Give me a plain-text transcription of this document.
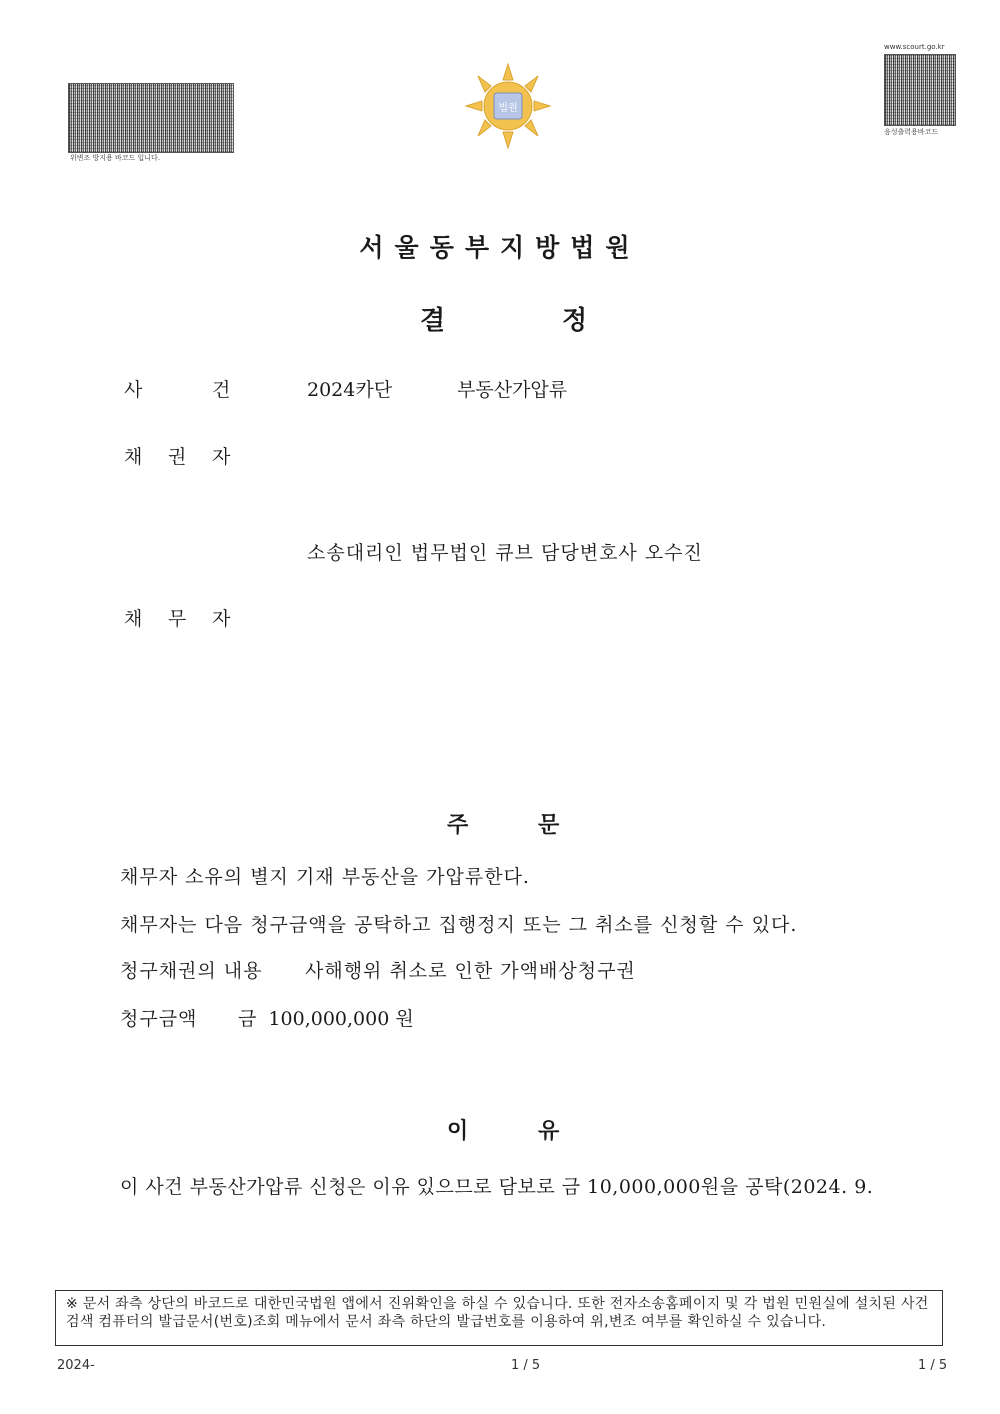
위변조 방지용 바코드 입니다.
법원
www.scourt.go.kr
음성출력용바코드
서울동부지방법원
결	정
사	건	2024카단	부동산가압류
채 권 자
소송대리인 법무법인 큐브 담당변호사 오수진
채 무 자
주	문
채무자 소유의 별지 기재 부동산을 가압류한다.
채무자는 다음 청구금액을 공탁하고 집행정지 또는 그 취소를 신청할 수 있다.
청구채권의 내용 사해행위 취소로 인한 가액배상청구권
청구금액 금  100,000,000 원
이	유
이 사건 부동산가압류 신청은 이유 있으므로 담보로 금 10,000,000원을 공탁(2024. 9.
※ 문서 좌측 상단의 바코드로 대한민국법원 앱에서 진위확인을 하실 수 있습니다. 또한 전자소송홈페이지 및 각 법원 민원실에 설치된 사건검색 컴퓨터의 발급문서(번호)조회 메뉴에서 문서 좌측 하단의 발급번호를 이용하여 위,변조 여부를 확인하실 수 있습니다.
2024-	1 / 5	1 / 5
